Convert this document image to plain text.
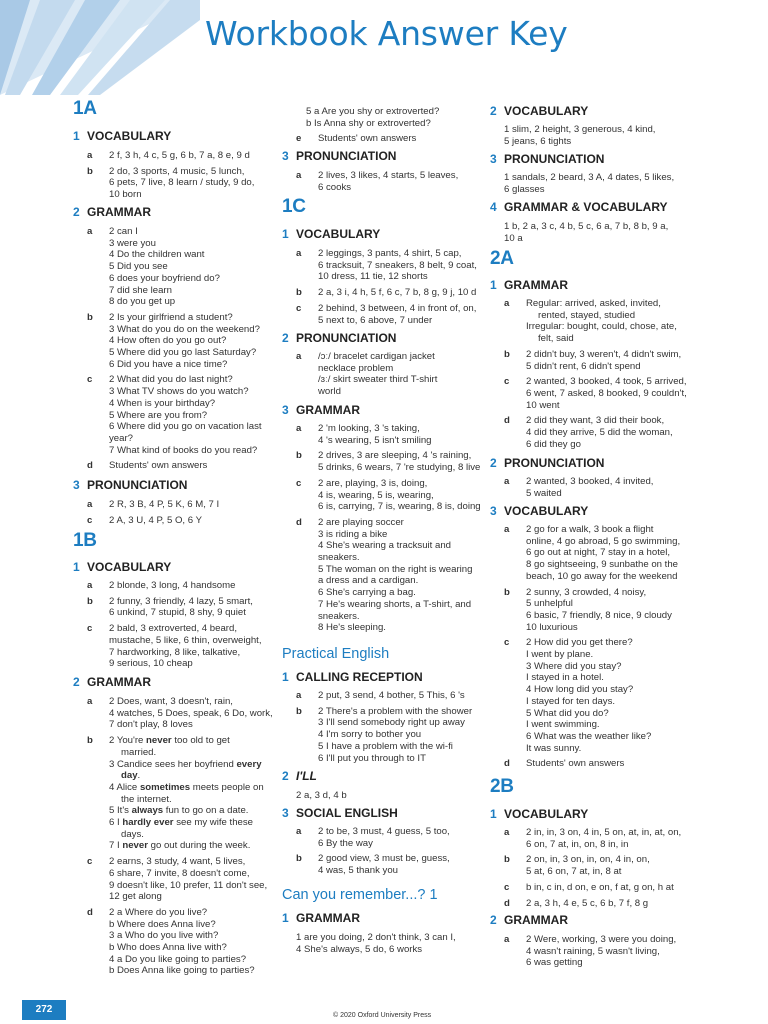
Workbook Answer Key
1A
1 VOCABULARY
a	2 f, 3 h, 4 c, 5 g, 6 b, 7 a, 8 e, 9 d
b	2 do, 3 sports, 4 music, 5 lunch,
6 pets, 7 live, 8 learn / study, 9 do,
10 born
2 GRAMMAR
a	2 can I
3 were you
4 Do the children want
5 Did you see
6 does your boyfriend do?
7 did she learn
8 do you get up
b	2 Is your girlfriend a student?
3 What do you do on the weekend?
4 How often do you go out?
5 Where did you go last Saturday?
6 Did you have a nice time?
c	2 What did you do last night?
3 What TV shows do you watch?
4 When is your birthday?
5 Where are you from?
6 Where did you go on vacation last
year?
7 What kind of books do you read?
d	Students' own answers
3 PRONUNCIATION
a	2 R, 3 B, 4 P, 5 K, 6 M, 7 I
c	2 A, 3 U, 4 P, 5 O, 6 Y
1B
1 VOCABULARY
a	2 blonde, 3 long, 4 handsome
b	2 funny, 3 friendly, 4 lazy, 5 smart,
6 unkind, 7 stupid, 8 shy, 9 quiet
c	2 bald, 3 extroverted, 4 beard,
mustache, 5 like, 6 thin, overweight,
7 hardworking, 8 like, talkative,
9 serious, 10 cheap
2 GRAMMAR
a	2 Does, want, 3 doesn't, rain,
4 watches, 5 Does, speak, 6 Do, work,
7 don't play, 8 loves
b	2 You're never too old to get
married.
3 Candice sees her boyfriend every
day.
4 Alice sometimes meets people on
the internet.
5 It's always fun to go on a date.
6 I hardly ever see my wife these
days.
7 I never go out during the week.
c	2 earns, 3 study, 4 want, 5 lives,
6 share, 7 invite, 8 doesn't come,
9 doesn't like, 10 prefer, 11 don't see,
12 get along
d	2 a Where do you live?
b Where does Anna live?
3 a Who do you live with?
b Who does Anna live with?
4 a Do you like going to parties?
b Does Anna like going to parties?
5 a Are you shy or extroverted?
b Is Anna shy or extroverted?
e	Students' own answers
3 PRONUNCIATION
a	2 lives, 3 likes, 4 starts, 5 leaves,
6 cooks
1C
1 VOCABULARY
a	2 leggings, 3 pants, 4 shirt, 5 cap,
6 tracksuit, 7 sneakers, 8 belt, 9 coat,
10 dress, 11 tie, 12 shorts
b	2 a, 3 i, 4 h, 5 f, 6 c, 7 b, 8 g, 9 j, 10 d
c	2 behind, 3 between, 4 in front of, on,
5 next to, 6 above, 7 under
2 PRONUNCIATION
a	/ɔː/ bracelet cardigan jacket
necklace problem
/ɜː/ skirt sweater third T-shirt
world
3 GRAMMAR
a	2 'm looking, 3 's taking,
4 's wearing, 5 isn't smiling
b	2 drives, 3 are sleeping, 4 's raining,
5 drinks, 6 wears, 7 're studying, 8 live
c	2 are, playing, 3 is, doing,
4 is, wearing, 5 is, wearing,
6 is, carrying, 7 is, wearing, 8 is, doing
d	2 are playing soccer
3 is riding a bike
4 She's wearing a tracksuit and
sneakers.
5 The woman on the right is wearing
a dress and a cardigan.
6 She's carrying a bag.
7 He's wearing shorts, a T-shirt, and
sneakers.
8 He's sleeping.
Practical English
1 CALLING RECEPTION
a	2 put, 3 send, 4 bother, 5 This, 6 's
b	2 There's a problem with the shower
3 I'll send somebody right up away
4 I'm sorry to bother you
5 I have a problem with the wi-fi
6 I'll put you through to IT
2 I'LL
2 a, 3 d, 4 b
3 SOCIAL ENGLISH
a	2 to be, 3 must, 4 guess, 5 too,
6 By the way
b	2 good view, 3 must be, guess,
4 was, 5 thank you
Can you remember...? 1
1 GRAMMAR
1 are you doing, 2 don't think, 3 can I,
4 She's always, 5 do, 6 works
2 VOCABULARY
1 slim, 2 height, 3 generous, 4 kind,
5 jeans, 6 tights
3 PRONUNCIATION
1 sandals, 2 beard, 3 A, 4 dates, 5 likes,
6 glasses
4 GRAMMAR & VOCABULARY
1 b, 2 a, 3 c, 4 b, 5 c, 6 a, 7 b, 8 b, 9 a,
10 a
2A
1 GRAMMAR
a	Regular: arrived, asked, invited,
rented, stayed, studied
Irregular: bought, could, chose, ate,
felt, said
b	2 didn't buy, 3 weren't, 4 didn't swim,
5 didn't rent, 6 didn't spend
c	2 wanted, 3 booked, 4 took, 5 arrived,
6 went, 7 asked, 8 booked, 9 couldn't,
10 went
d	2 did they want, 3 did their book,
4 did they arrive, 5 did the woman,
6 did they go
2 PRONUNCIATION
a	2 wanted, 3 booked, 4 invited,
5 waited
3 VOCABULARY
a	2 go for a walk, 3 book a flight
online, 4 go abroad, 5 go swimming,
6 go out at night, 7 stay in a hotel,
8 go sightseeing, 9 sunbathe on the
beach, 10 go away for the weekend
b	2 sunny, 3 crowded, 4 noisy,
5 unhelpful
6 basic, 7 friendly, 8 nice, 9 cloudy
10 luxurious
c	2 How did you get there?
I went by plane.
3 Where did you stay?
I stayed in a hotel.
4 How long did you stay?
I stayed for ten days.
5 What did you do?
I went swimming.
6 What was the weather like?
It was sunny.
d	Students' own answers
2B
1 VOCABULARY
a	2 in, in, 3 on, 4 in, 5 on, at, in, at, on,
6 on, 7 at, in, on, 8 in, in
b	2 on, in, 3 on, in, on, 4 in, on,
5 at, 6 on, 7 at, in, 8 at
c	b in, c in, d on, e on, f at, g on, h at
d	2 a, 3 h, 4 e, 5 c, 6 b, 7 f, 8 g
2 GRAMMAR
a	2 Were, working, 3 were you doing,
4 wasn't raining, 5 wasn't living,
6 was getting
272
© 2020 Oxford University Press
